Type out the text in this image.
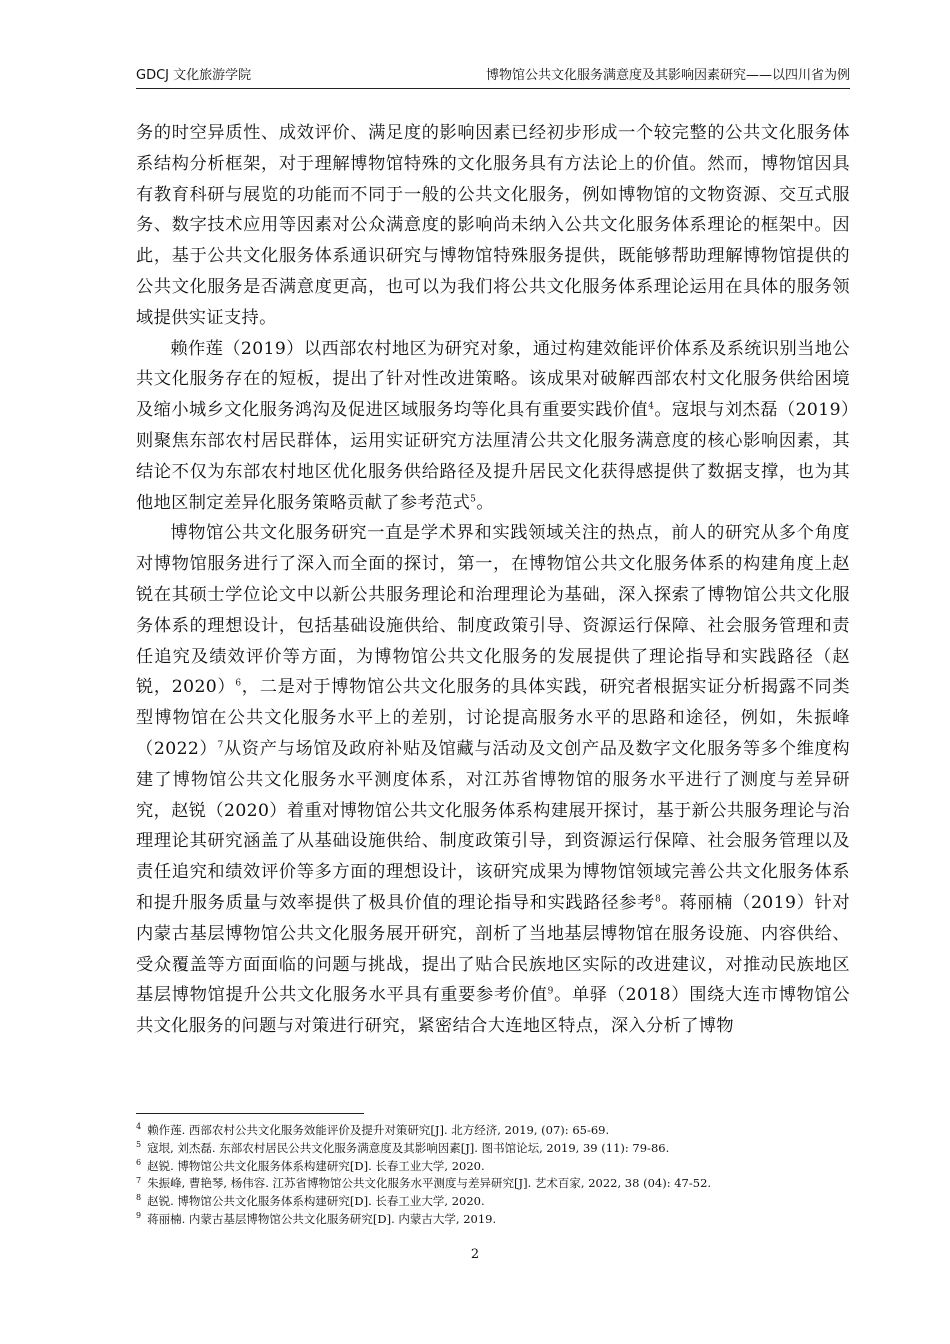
GDCJ 文化旅游学院	博物馆公共文化服务满意度及其影响因素研究——以四川省为例

务的时空异质性、成效评价、满足度的影响因素已经初步形成一个较完整的公共文化服务体系结构分析框架，对于理解博物馆特殊的文化服务具有方法论上的价值。然而，博物馆因具有教育科研与展览的功能而不同于一般的公共文化服务，例如博物馆的文物资源、交互式服务、数字技术应用等因素对公众满意度的影响尚未纳入公共文化服务体系理论的框架中。因此，基于公共文化服务体系通识研究与博物馆特殊服务提供，既能够帮助理解博物馆提供的公共文化服务是否满意度更高，也可以为我们将公共文化服务体系理论运用在具体的服务领域提供实证支持。

赖作莲（2019）以西部农村地区为研究对象，通过构建效能评价体系及系统识别当地公共文化服务存在的短板，提出了针对性改进策略。该成果对破解西部农村文化服务供给困境及缩小城乡文化服务鸿沟及促进区域服务均等化具有重要实践价值$^4$。寇垠与刘杰磊（2019）则聚焦东部农村居民群体，运用实证研究方法厘清公共文化服务满意度的核心影响因素，其结论不仅为东部农村地区优化服务供给路径及提升居民文化获得感提供了数据支撑，也为其他地区制定差异化服务策略贡献了参考范式$^5$。

博物馆公共文化服务研究一直是学术界和实践领域关注的热点，前人的研究从多个角度对博物馆服务进行了深入而全面的探讨，第一，在博物馆公共文化服务体系的构建角度上赵锐在其硕士学位论文中以新公共服务理论和治理理论为基础，深入探索了博物馆公共文化服务体系的理想设计，包括基础设施供给、制度政策引导、资源运行保障、社会服务管理和责任追究及绩效评价等方面，为博物馆公共文化服务的发展提供了理论指导和实践路径（赵锐，2020）$^6$，二是对于博物馆公共文化服务的具体实践，研究者根据实证分析揭露不同类型博物馆在公共文化服务水平上的差别，讨论提高服务水平的思路和途径，例如，朱振峰$(2022)^7$从资产与场馆及政府补贴及馆藏与活动及文创产品及数字文化服务等多个维度构建了博物馆公共文化服务水平测度体系，对江苏省博物馆的服务水平进行了测度与差异研究，赵锐（2020）着重对博物馆公共文化服务体系构建展开探讨，基于新公共服务理论与治理理论其研究涵盖了从基础设施供给、制度政策引导，到资源运行保障、社会服务管理以及责任追究和绩效评价等多方面的理想设计，该研究成果为博物馆领域完善公共文化服务体系和提升服务质量与效率提供了极具价值的理论指导和实践路径参考$^8$。蒋丽楠（2019）针对内蒙古基层博物馆公共文化服务展开研究，剖析了当地基层博物馆在服务设施、内容供给、受众覆盖等方面面临的问题与挑战，提出了贴合民族地区实际的改进建议，对推动民族地区基层博物馆提升公共文化服务水平具有重要参考价值$^9$。单驿（2018）围绕大连市博物馆公共文化服务的问题与对策进行研究，紧密结合大连地区特点，深入分析了博物

$^4$ 赖作莲. 西部农村公共文化服务效能评价及提升对策研究[J]. 北方经济, 2019, (07): 65-69.
$^5$ 寇垠, 刘杰磊. 东部农村居民公共文化服务满意度及其影响因素[J]. 图书馆论坛, 2019, 39 (11): 79-86.
$^6$ 赵锐. 博物馆公共文化服务体系构建研究[D]. 长春工业大学, 2020.
$^7$ 朱振峰, 曹艳琴, 杨伟容. 江苏省博物馆公共文化服务水平测度与差异研究[J]. 艺术百家, 2022, 38 (04): 47-52.
$^8$ 赵锐. 博物馆公共文化服务体系构建研究[D]. 长春工业大学, 2020.
$^9$ 蒋丽楠. 内蒙古基层博物馆公共文化服务研究[D]. 内蒙古大学, 2019.
2
